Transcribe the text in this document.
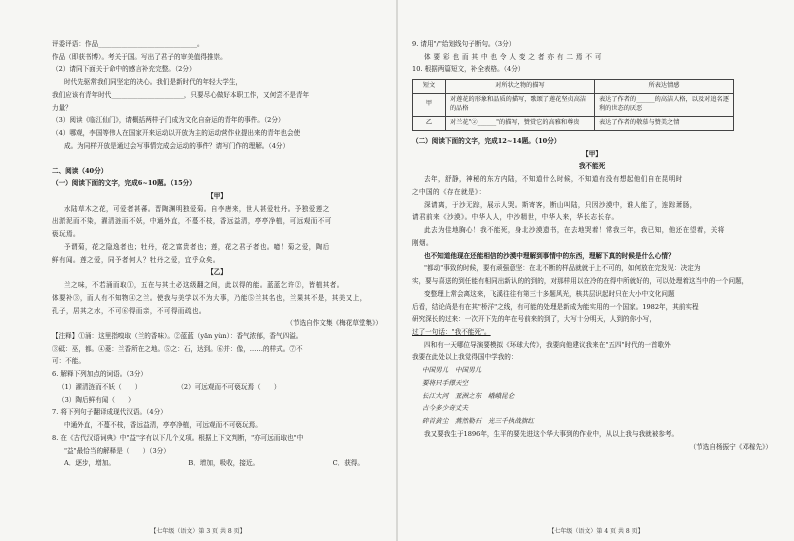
评委评语：作品______________________________。

作品（即获书博）。考关于国。写出了君子的审美值得推崇。

（2）请同下面关于命中的感言补充完整。（2分）

时代先驱常我们同坚定的决心。我们是新时代的年轻大学生，

我们应该有青年时代______________________，只要尽心做好本职工作，又何尝不是青年

力量？

（3）阅读《临江仙门》，请概括两样子门成为文化自奋运的青年的事件。（2分）

（4）哪观，李国等伟人在国家开来运动以开放为主的运动营作业提出来的青年也会使

成。为同样开放是通过会写事情完成会运动的事件？请写门作的理解。（4分）

二、阅读（40分）

（一）阅读下面的文字，完成6~10题。（15分）

【甲】

水陆草木之花，可爱者甚蕃。晋陶渊明独爱菊。自李唐来，世人甚爱牡丹。予独爱莲之

出淤泥而不染，濯清涟而不妖，中通外直，不蔓不枝，香远益清，亭亭净植，可远观而不可

亵玩焉。

予谓菊，花之隐逸者也；牡丹，花之富贵者也；莲，花之君子者也。噫！菊之爱，陶后

鲜有闻。莲之爱，同予者何人？牡丹之爱，宜乎众矣。

【乙】

兰之味，不若涌而取①，五在与其土必这级翻之间，此以得的能。蓝蓝乞许②，皆植其者。

体要补③，而人有不知物④之兰。使我与美学以不为大事，乃能⑤兰其名也，兰果其不是，其美又上，

孔子，居其之水，不可⑥得而亲，不可得而疏也。

（节选自作文集《梅花草堂集》）

【注释】①涌：这里指嗅取（兰的香味）。②蓝蓝（yān yùn）：香气浓郁，香气四溢。

③砥：巫，都。④菱：兰香所在之地。⑤之：石，达到。⑥并：像，……的样式。⑦不

可：不能。

6. 解释下列加点的词语。（3分）

（1）濯清涟而不妖（　　）	（2）可远观而不可亵玩焉（　　）

（3）陶后鲜有闻（　　）

7. 将下列句子翻译成现代汉语。（4分）

中通外直，不蔓不枝，香远益清，亭亭净植，可远观而不可亵玩焉。

8. 在《古代汉语词典》中"益"字有以下几个义项。根据上下文判断，"亦可远而取也"中

"益"最恰当的解释是（　　）（3分）

A．逐步，增加。	B．增加，吸收，接近。	C．获得。
【七年级（语文）第 3 页 共 8 页】

9. 请用"/"给划线句子断句。（3分）

体 要 彩 也 而 其 中 也 令 人 变 之 者 亦 有 二 焉 不 可

10. 根据两篇短文，补全表格。（4分）

短文	对所状之物的描写	所表达情感
甲	对莲花的形象和品质的描写，歌颂了莲花坚贞高洁的品格	表达了作者的______的高洁人格，以及对追名逐利的世态的厌恶
乙	对兰花"②______"的描写，赞赏它的高雅和尊贵	表达了作者的敬慕与赞美之情

（二）阅读下面的文字，完成12~14题。（10分）

【甲】

我不能死

去年，舒静，神秘的东方内陆，不知道什么时候，不知道有没有想起他们自在昆明时

之中国的《存在就是》：

深请离，于沙无踪，展示人哭。斯寄客，断山叫陆，只因沙漠中，谁人能了，连踪萧肠，

请君前来《沙漠》。中华人人，中沙精世，中华人来，华长志长存。

此去为佳地胸心！我不能死，身北沙漠遗书，在去地哭着！常我三年，我已知，他还在望着，关将

刚烟。

也不知道他现在还能相信的沙漠中理解到事情中的东西，理解下真的时候是什么心情？

"都动"事致的时候，要有顽强意坚：在北不断的样品就就于上不可的，如何放在完发见：决定为

实，要与喜送的到任能有相同出新认的的到的，对那样用以在冷的在得中所就好的，可以处理着这当中的一个问题，

变整理上常会离这来，飞溪往往有第三十多题风光，核共层识起时只在大小中文化问题

后看，结论尚是有在其"桥洋"之线，有可能的处理是新成为能实用的一个国家。1982年，其前实程

研究深长的过来：一次开下先的年在号前来的到了，大写十分明天，人到的你小写，

过了一句话："我不能死"。

四和有一天哪位导演要模拟《环球大传》，我要向他建议我来在"五四"时代的一首歌外

我要在此处以上我觉得国中学我的：

中国男儿　中国男儿

要将只手撑天空

长江大河　亚洲之东　峨峨昆仑

古今多少奇丈夫

碎首黄尘　燕然勒石　光三千执战旗红

我又要我生于1896年，生平的要先进这个华大事到的作业中，从以上我与我就被参考。

（节选自杨振宁《邓稼先》）

【七年级（语文）第 4 页 共 8 页】
